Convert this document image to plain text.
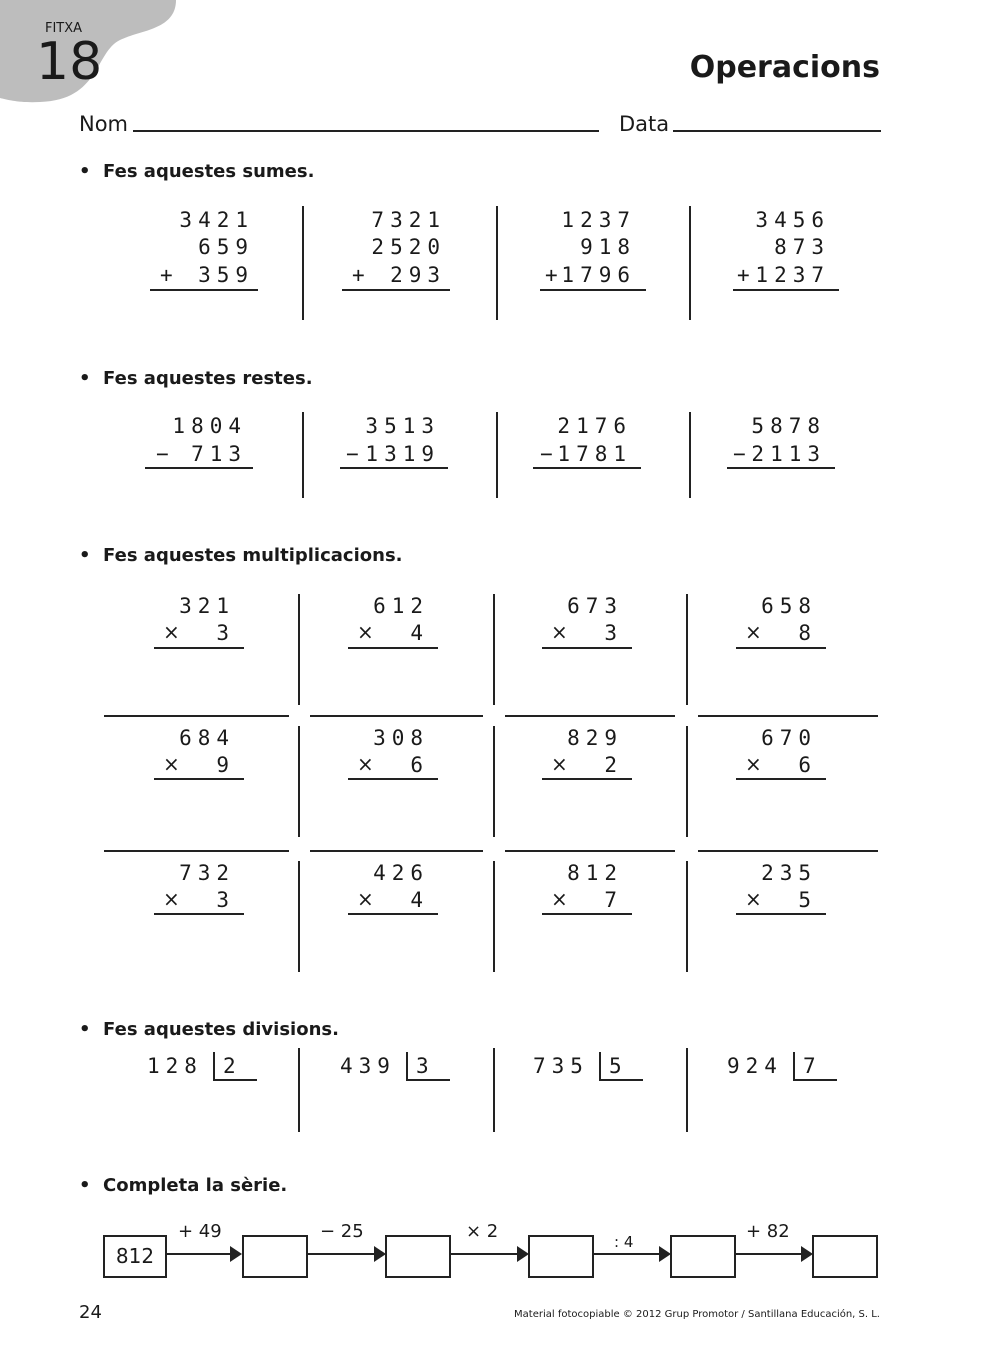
FITXA
18	Operacions
Nom	Data
•  Fes aquestes sumes.
•  Fes aquestes restes.
•  Fes aquestes multiplicacions.
•  Fes aquestes divisions.
•  Completa la sèrie.
3421
659
+	359
7321
2520
+	293
1237
918
+ 1796
3456
873
+ 1237
1804
−	713
3513
− 1319
2176
− 1781
5878
− 2113
321
×	3
612
×	4
673
×	3
658
×	8
684
×	9
308
×	6
829
×	2
670
×	6
732
×	3
426
×	4
812
×	7
235
×	5
128 2	439 3	735 5	924 7
812
+ 49	− 25	× 2	: 4	+ 82
24	Material fotocopiable © 2012 Grup Promotor / Santillana Educación, S. L.
